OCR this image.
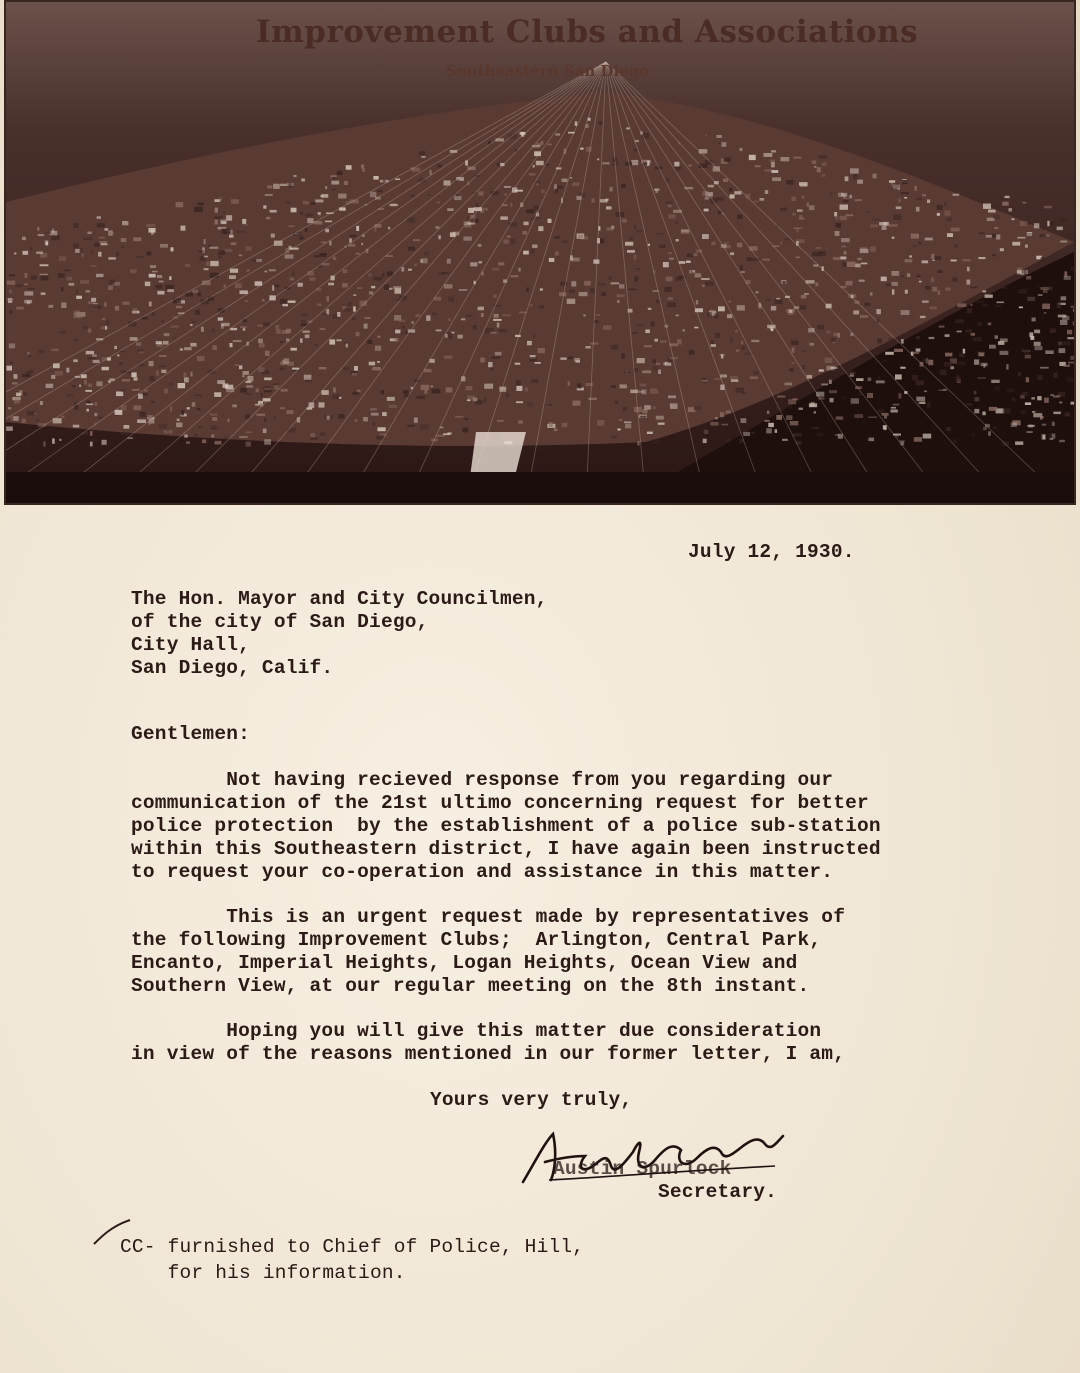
Improvement Clubs and Associations
Southeastern San Diego
July 12, 1930.
The Hon. Mayor and City Councilmen,
of the city of San Diego,
City Hall,
San Diego, Calif.
Gentlemen:
Not having recieved response from you regarding our
communication of the 21st ultimo concerning request for better
police protection  by the establishment of a police sub-station
within this Southeastern district, I have again been instructed
to request your co-operation and assistance in this matter.
This is an urgent request made by representatives of
the following Improvement Clubs;  Arlington, Central Park,
Encanto, Imperial Heights, Logan Heights, Ocean View and
Southern View, at our regular meeting on the 8th instant.
Hoping you will give this matter due consideration
in view of the reasons mentioned in our former letter, I am,
Yours very truly,
Austin Spurlock
Secretary.
CC- furnished to Chief of Police, Hill,
for his information.
